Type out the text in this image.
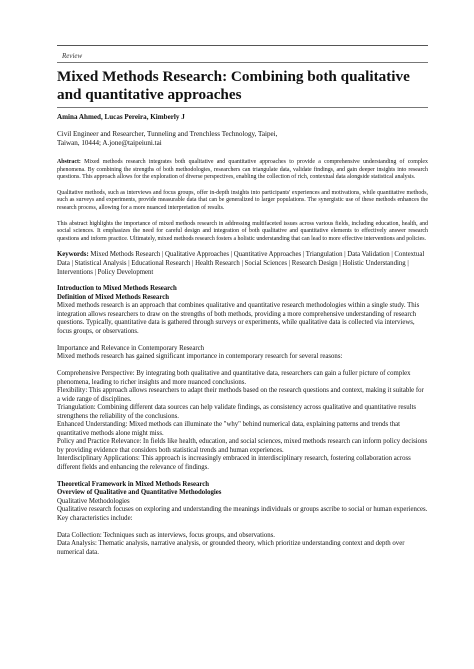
Review
Mixed Methods Research: Combining both qualitative
and quantitative approaches

Amina Ahmed, Lucas Pereira, Kimberly J

Civil Engineer and Researcher, Tunneling and Trenchless Technology, Taipei,
Taiwan, 10444; A.jone@taipeiuni.tai

Abstract: Mixed methods research integrates both qualitative and quantitative approaches to provide a comprehensive understanding of complex phenomena. By combining the strengths of both methodologies, researchers can triangulate data, validate findings, and gain deeper insights into research questions. This approach allows for the exploration of diverse perspectives, enabling the collection of rich, contextual data alongside statistical analysis.

Qualitative methods, such as interviews and focus groups, offer in-depth insights into participants' experiences and motivations, while quantitative methods, such as surveys and experiments, provide measurable data that can be generalized to larger populations. The synergistic use of these methods enhances the research process, allowing for a more nuanced interpretation of results.

This abstract highlights the importance of mixed methods research in addressing multifaceted issues across various fields, including education, health, and social sciences. It emphasizes the need for careful design and integration of both qualitative and quantitative elements to effectively answer research questions and inform practice. Ultimately, mixed methods research fosters a holistic understanding that can lead to more effective interventions and policies.

Keywords: Mixed Methods Research | Qualitative Approaches | Quantitative Approaches | Triangulation | Data Validation | Contextual Data | Statistical Analysis | Educational Research | Health Research | Social Sciences | Research Design | Holistic Understanding | Interventions | Policy Development

Introduction to Mixed Methods Research

Definition of Mixed Methods Research

Mixed methods research is an approach that combines qualitative and quantitative research methodologies within a single study. This integration allows researchers to draw on the strengths of both methods, providing a more comprehensive understanding of research questions. Typically, quantitative data is gathered through surveys or experiments, while qualitative data is collected via interviews, focus groups, or observations.

Importance and Relevance in Contemporary Research

Mixed methods research has gained significant importance in contemporary research for several reasons:

Comprehensive Perspective: By integrating both qualitative and quantitative data, researchers can gain a fuller picture of complex phenomena, leading to richer insights and more nuanced conclusions.

Flexibility: This approach allows researchers to adapt their methods based on the research questions and context, making it suitable for a wide range of disciplines.

Triangulation: Combining different data sources can help validate findings, as consistency across qualitative and quantitative results strengthens the reliability of the conclusions.

Enhanced Understanding: Mixed methods can illuminate the "why" behind numerical data, explaining patterns and trends that quantitative methods alone might miss.

Policy and Practice Relevance: In fields like health, education, and social sciences, mixed methods research can inform policy decisions by providing evidence that considers both statistical trends and human experiences.

Interdisciplinary Applications: This approach is increasingly embraced in interdisciplinary research, fostering collaboration across different fields and enhancing the relevance of findings.

Theoretical Framework in Mixed Methods Research

Overview of Qualitative and Quantitative Methodologies

Qualitative Methodologies

Qualitative research focuses on exploring and understanding the meanings individuals or groups ascribe to social or human experiences. Key characteristics include:

Data Collection: Techniques such as interviews, focus groups, and observations.

Data Analysis: Thematic analysis, narrative analysis, or grounded theory, which prioritize understanding context and depth over numerical data.
